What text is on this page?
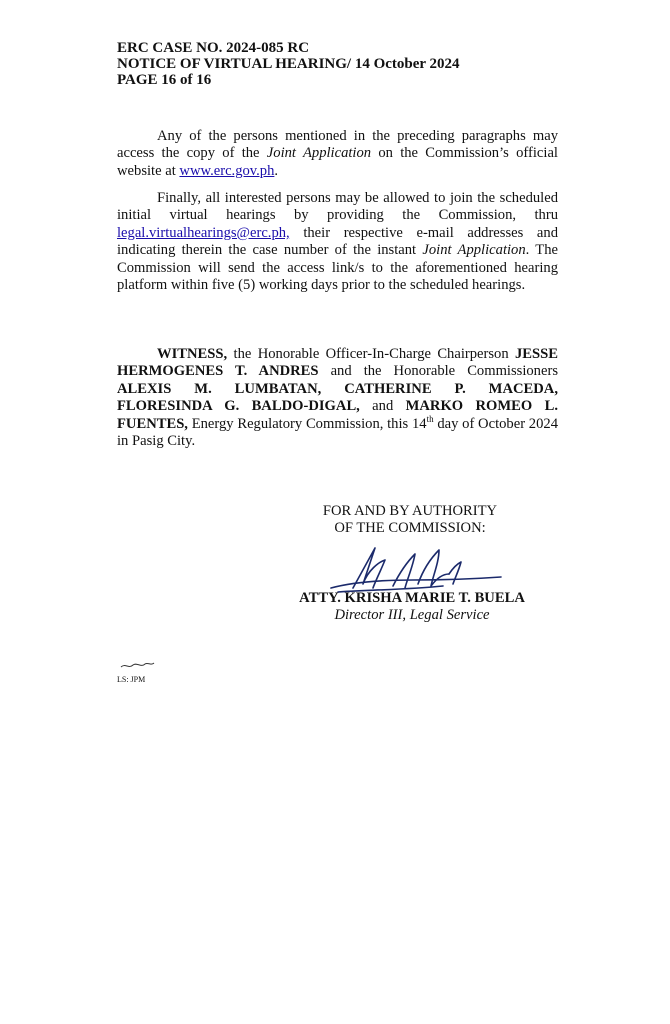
ERC CASE NO. 2024-085 RC
NOTICE OF VIRTUAL HEARING/ 14 October 2024
PAGE 16 of 16

Any of the persons mentioned in the preceding paragraphs may access the copy of the Joint Application on the Commission’s official website at www.erc.gov.ph.

Finally, all interested persons may be allowed to join the scheduled initial virtual hearings by providing the Commission, thru legal.virtualhearings@erc.ph, their respective e-mail addresses and indicating therein the case number of the instant Joint Application. The Commission will send the access link/s to the aforementioned hearing platform within five (5) working days prior to the scheduled hearings.

WITNESS, the Honorable Officer-In-Charge Chairperson JESSE HERMOGENES T. ANDRES and the Honorable Commissioners ALEXIS M. LUMBATAN, CATHERINE P. MACEDA, FLORESINDA G. BALDO-DIGAL, and MARKO ROMEO L. FUENTES, Energy Regulatory Commission, this 14th day of October 2024 in Pasig City.

FOR AND BY AUTHORITY
OF THE COMMISSION:
ATTY. KRISHA MARIE T. BUELA
Director III, Legal Service
LS: JPM
